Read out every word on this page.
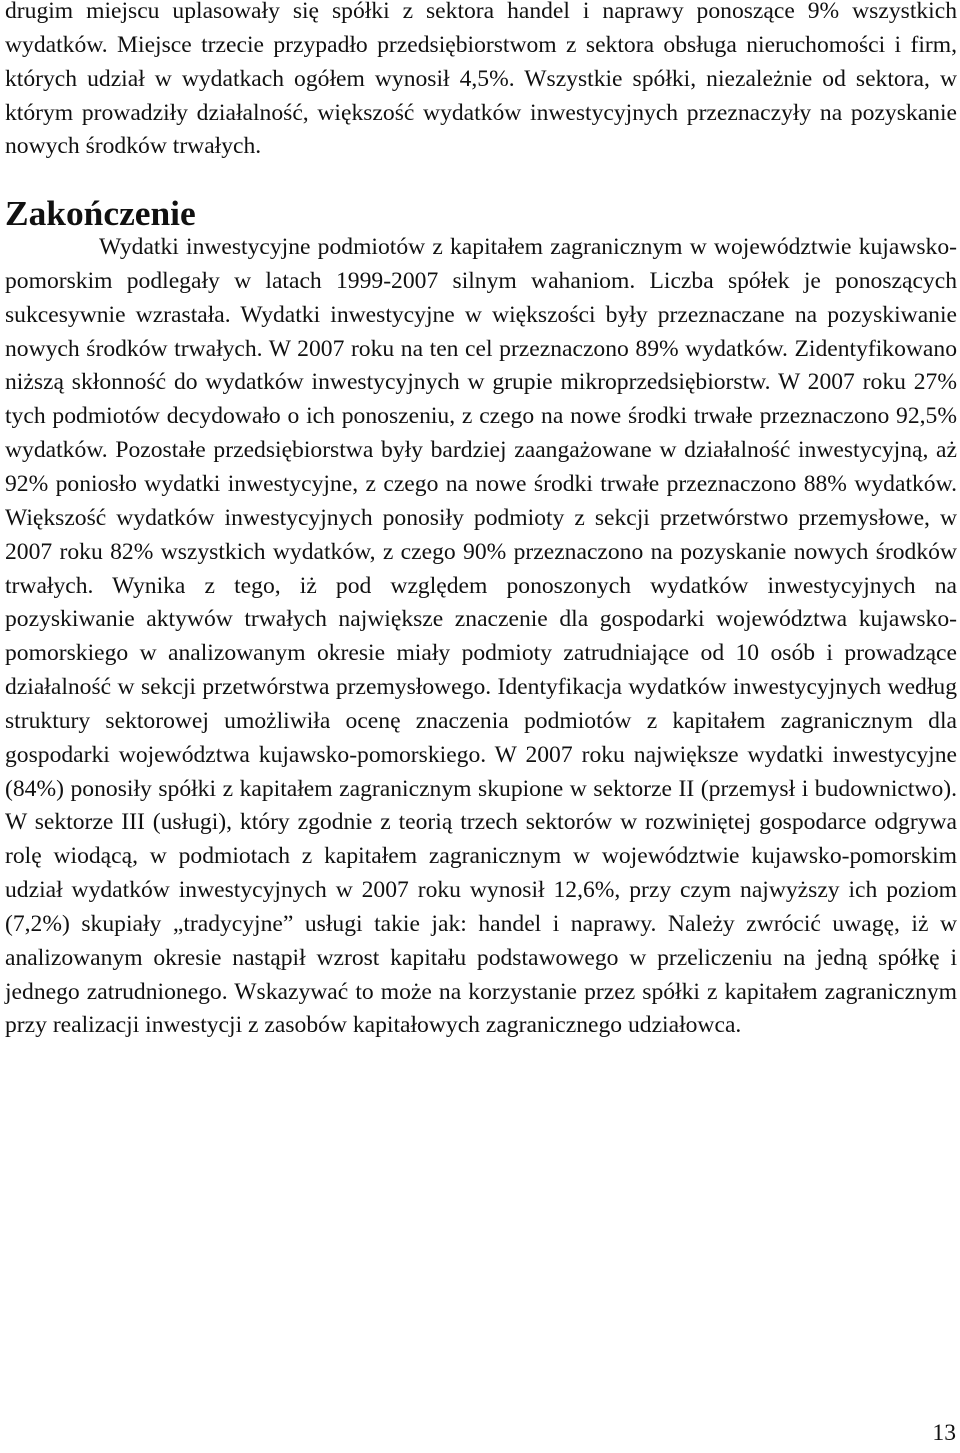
drugim miejscu uplasowały się spółki z sektora handel i naprawy ponoszące 9% wszystkich wydatków. Miejsce trzecie przypadło przedsiębiorstwom z sektora obsługa nieruchomości i firm, których udział w wydatkach ogółem wynosił 4,5%. Wszystkie spółki, niezależnie od sektora, w którym prowadziły działalność, większość wydatków inwestycyjnych przeznaczyły na pozyskanie nowych środków trwałych.

Zakończenie

Wydatki inwestycyjne podmiotów z kapitałem zagranicznym w województwie kujawsko-pomorskim podlegały w latach 1999-2007 silnym wahaniom. Liczba spółek je ponoszących sukcesywnie wzrastała. Wydatki inwestycyjne w większości były przeznaczane na pozyskiwanie nowych środków trwałych. W 2007 roku na ten cel przeznaczono 89% wydatków. Zidentyfikowano niższą skłonność do wydatków inwestycyjnych w grupie mikroprzedsiębiorstw. W 2007 roku 27% tych podmiotów decydowało o ich ponoszeniu, z czego na nowe środki trwałe przeznaczono 92,5% wydatków. Pozostałe przedsiębiorstwa były bardziej zaangażowane w działalność inwestycyjną, aż 92% poniosło wydatki inwestycyjne, z czego na nowe środki trwałe przeznaczono 88% wydatków. Większość wydatków inwestycyjnych ponosiły podmioty z sekcji przetwórstwo przemysłowe, w 2007 roku 82% wszystkich wydatków, z czego 90% przeznaczono na pozyskanie nowych środków trwałych. Wynika z tego, iż pod względem ponoszonych wydatków inwestycyjnych na pozyskiwanie aktywów trwałych największe znaczenie dla gospodarki województwa kujawsko-pomorskiego w analizowanym okresie miały podmioty zatrudniające od 10 osób i prowadzące działalność w sekcji przetwórstwa przemysłowego. Identyfikacja wydatków inwestycyjnych według struktury sektorowej umożliwiła ocenę znaczenia podmiotów z kapitałem zagranicznym dla gospodarki województwa kujawsko-pomorskiego. W 2007 roku największe wydatki inwestycyjne (84%) ponosiły spółki z kapitałem zagranicznym skupione w sektorze II (przemysł i budownictwo). W sektorze III (usługi), który zgodnie z teorią trzech sektorów w rozwiniętej gospodarce odgrywa rolę wiodącą, w podmiotach z kapitałem zagranicznym w województwie kujawsko-pomorskim udział wydatków inwestycyjnych w 2007 roku wynosił 12,6%, przy czym najwyższy ich poziom (7,2%) skupiały „tradycyjne” usługi takie jak: handel i naprawy. Należy zwrócić uwagę, iż w analizowanym okresie nastąpił wzrost kapitału podstawowego w przeliczeniu na jedną spółkę i jednego zatrudnionego. Wskazywać to może na korzystanie przez spółki z kapitałem zagranicznym przy realizacji inwestycji z zasobów kapitałowych zagranicznego udziałowca.

13
